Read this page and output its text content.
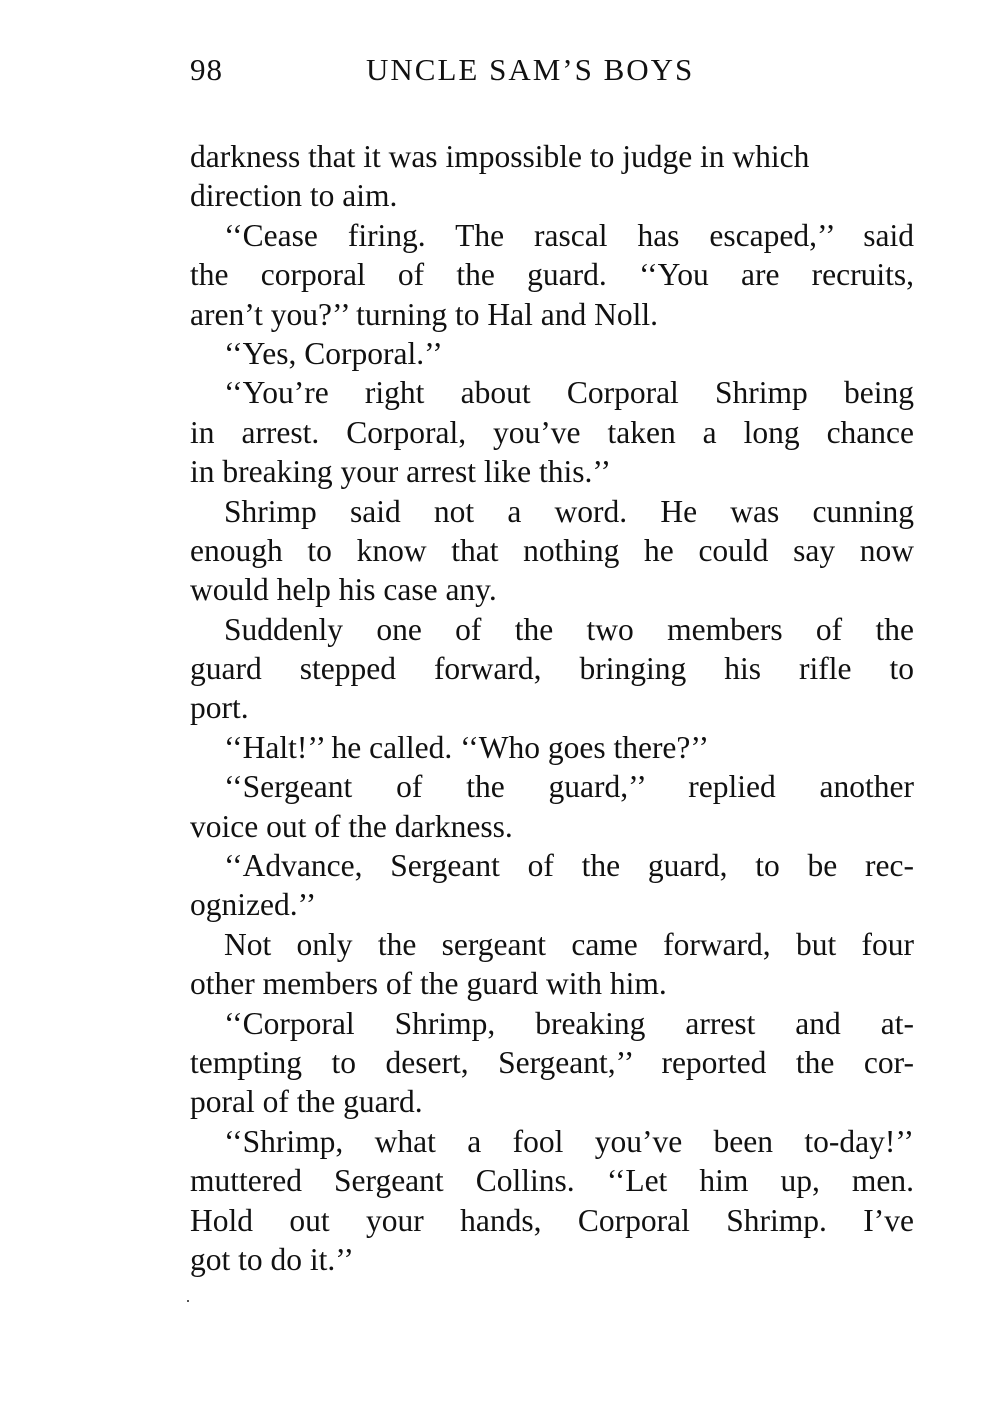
98	UNCLE SAM’S BOYS
darkness that it was impossible to judge in which
direction to aim.
‘‘Cease firing. The rascal has escaped,’’ said
the corporal of the guard. ‘‘You are recruits,
aren’t you?’’ turning to Hal and Noll.
‘‘Yes, Corporal.’’
‘‘You’re right about Corporal Shrimp being
in arrest. Corporal, you’ve taken a long chance
in breaking your arrest like this.’’
Shrimp said not a word. He was cunning
enough to know that nothing he could say now
would help his case any.
Suddenly one of the two members of the
guard stepped forward, bringing his rifle to
port.
‘‘Halt!’’ he called. ‘‘Who goes there?’’
‘‘Sergeant of the guard,’’ replied another
voice out of the darkness.
‘‘Advance, Sergeant of the guard, to be rec-
ognized.’’
Not only the sergeant came forward, but four
other members of the guard with him.
‘‘Corporal Shrimp, breaking arrest and at-
tempting to desert, Sergeant,’’ reported the cor-
poral of the guard.
‘‘Shrimp, what a fool you’ve been to-day!’’
muttered Sergeant Collins. ‘‘Let him up, men.
Hold out your hands, Corporal Shrimp. I’ve
got to do it.’’
